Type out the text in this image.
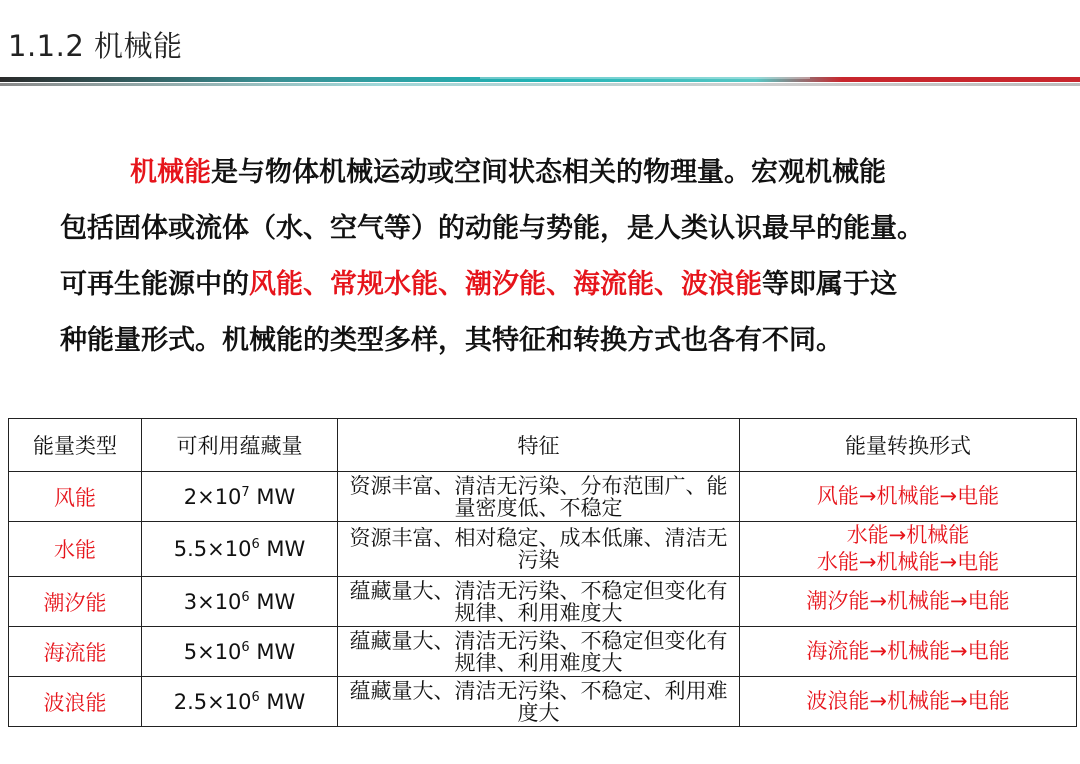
1.1.2 机械能
机械能是与物体机械运动或空间状态相关的物理量。宏观机械能
包括固体或流体（水、空气等）的动能与势能，是人类认识最早的能量。
可再生能源中的风能、常规水能、潮汐能、海流能、波浪能等即属于这
种能量形式。机械能的类型多样，其特征和转换方式也各有不同。
能量类型	可利用蕴藏量	特征	能量转换形式
风能	$2\times 10^7$ MW	资源丰富、清洁无污染、分布范围广、能量密度低、不稳定	风能→机械能→电能

水能	$5.5\times 10^6$ MW	资源丰富、相对稳定、成本低廉、清洁无污染	水能→机械能
水能→机械能→电能

潮汐能	$3\times 10^6$ MW	蕴藏量大、清洁无污染、不稳定但变化有规律、利用难度大	潮汐能→机械能→电能

海流能	$5\times 10^6$ MW	蕴藏量大、清洁无污染、不稳定但变化有规律、利用难度大	海流能→机械能→电能

波浪能	$2.5\times 10^6$ MW	蕴藏量大、清洁无污染、不稳定、利用难度大	波浪能→机械能→电能
